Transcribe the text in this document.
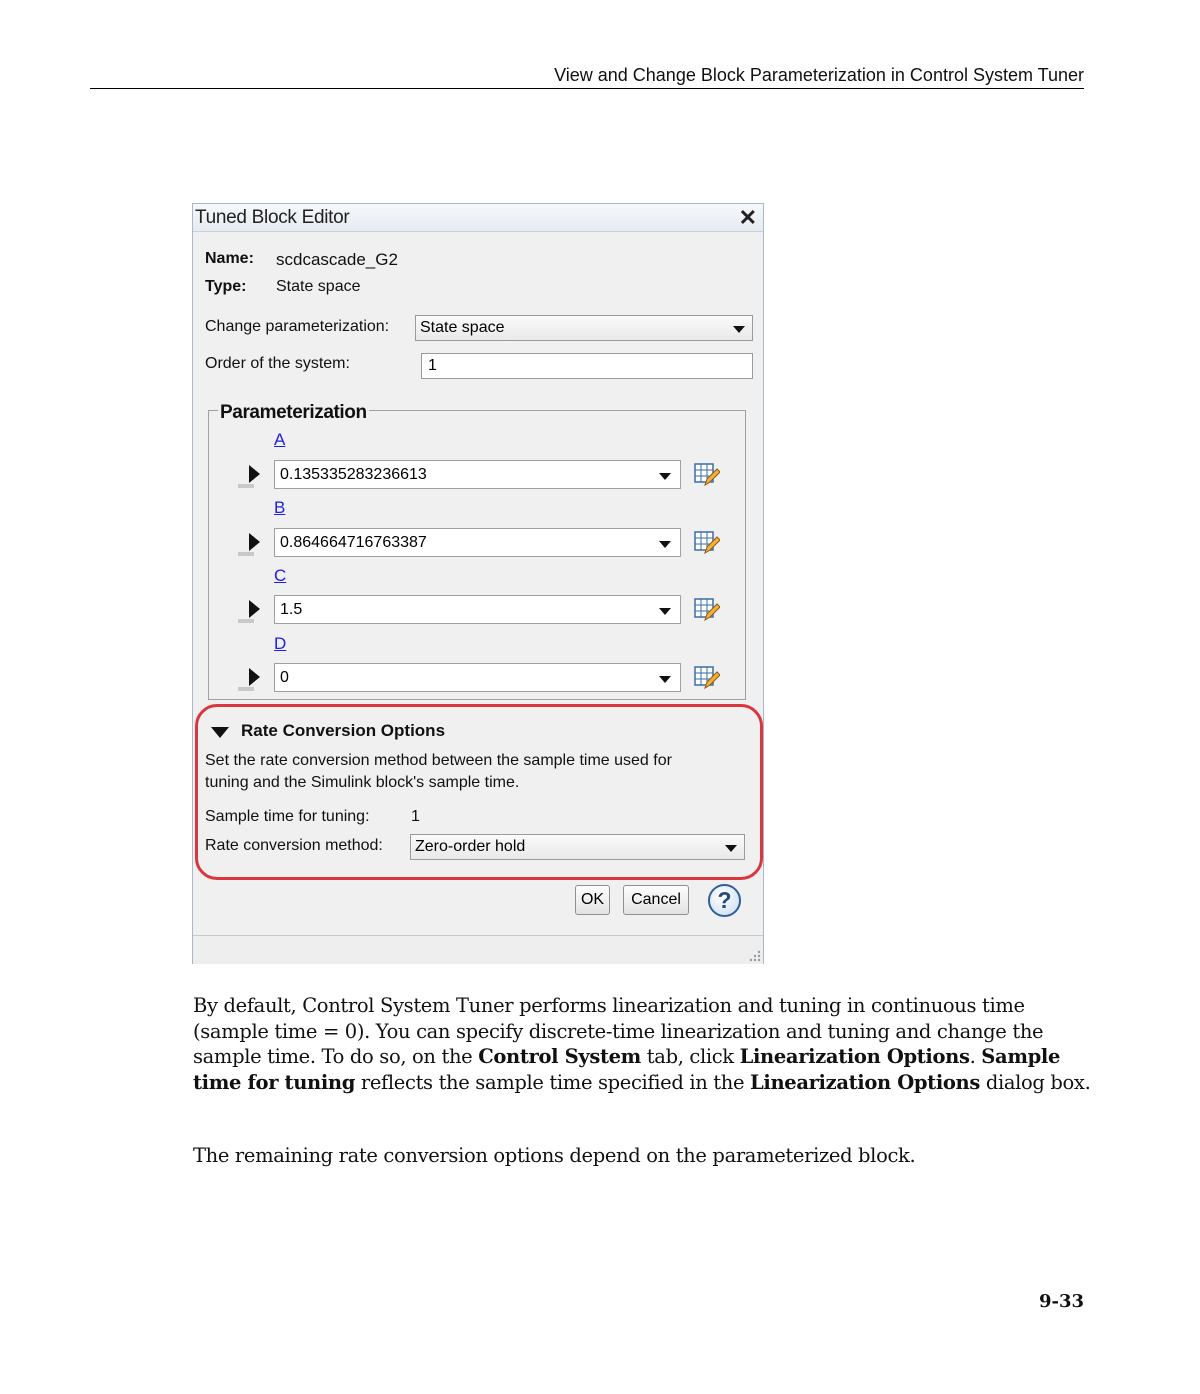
View and Change Block Parameterization in Control System Tuner
Tuned Block Editor	✕
Name: scdcascade_G2
Type: State space
Change parameterization:	State space
Order of the system:	1
Parameterization
A
0.135335283236613
B
0.864664716763387
C
1.5
D
0
Rate Conversion Options
Set the rate conversion method between the sample time used for
tuning and the Simulink block's sample time.
Sample time for tuning:	1
Rate conversion method:	Zero-order hold
OK	Cancel	?
By default, Control System Tuner performs linearization and tuning in continuous time (sample time = 0). You can specify discrete-time linearization and tuning and change the sample time. To do so, on the Control System tab, click Linearization Options. Sample time for tuning reflects the sample time specified in the Linearization Options dialog box.
The remaining rate conversion options depend on the parameterized block.
9-33
